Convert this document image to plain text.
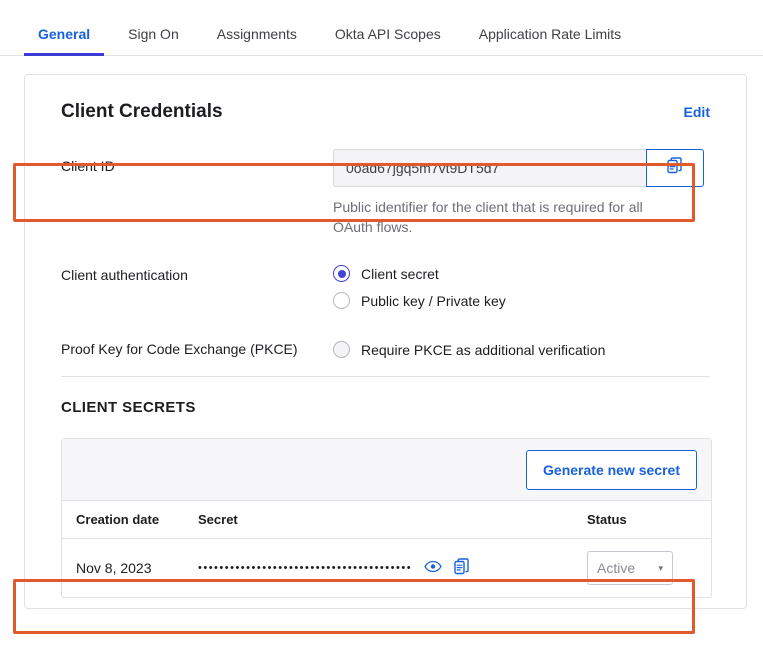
General	Sign On	Assignments	Okta API Scopes	Application Rate Limits
Client Credentials	Edit
Client ID	0oad67jgq5m7vt9DT5d7
Public identifier for the client that is required for all OAuth flows.
Client authentication	Client secret
Public key / Private key
Proof Key for Code Exchange (PKCE)	Require PKCE as additional verification
CLIENT SECRETS
Generate new secret
Creation date	Secret	Status
Nov 8, 2023	••••••••••••••••••••••••••••••••••••••••	Active	▾
